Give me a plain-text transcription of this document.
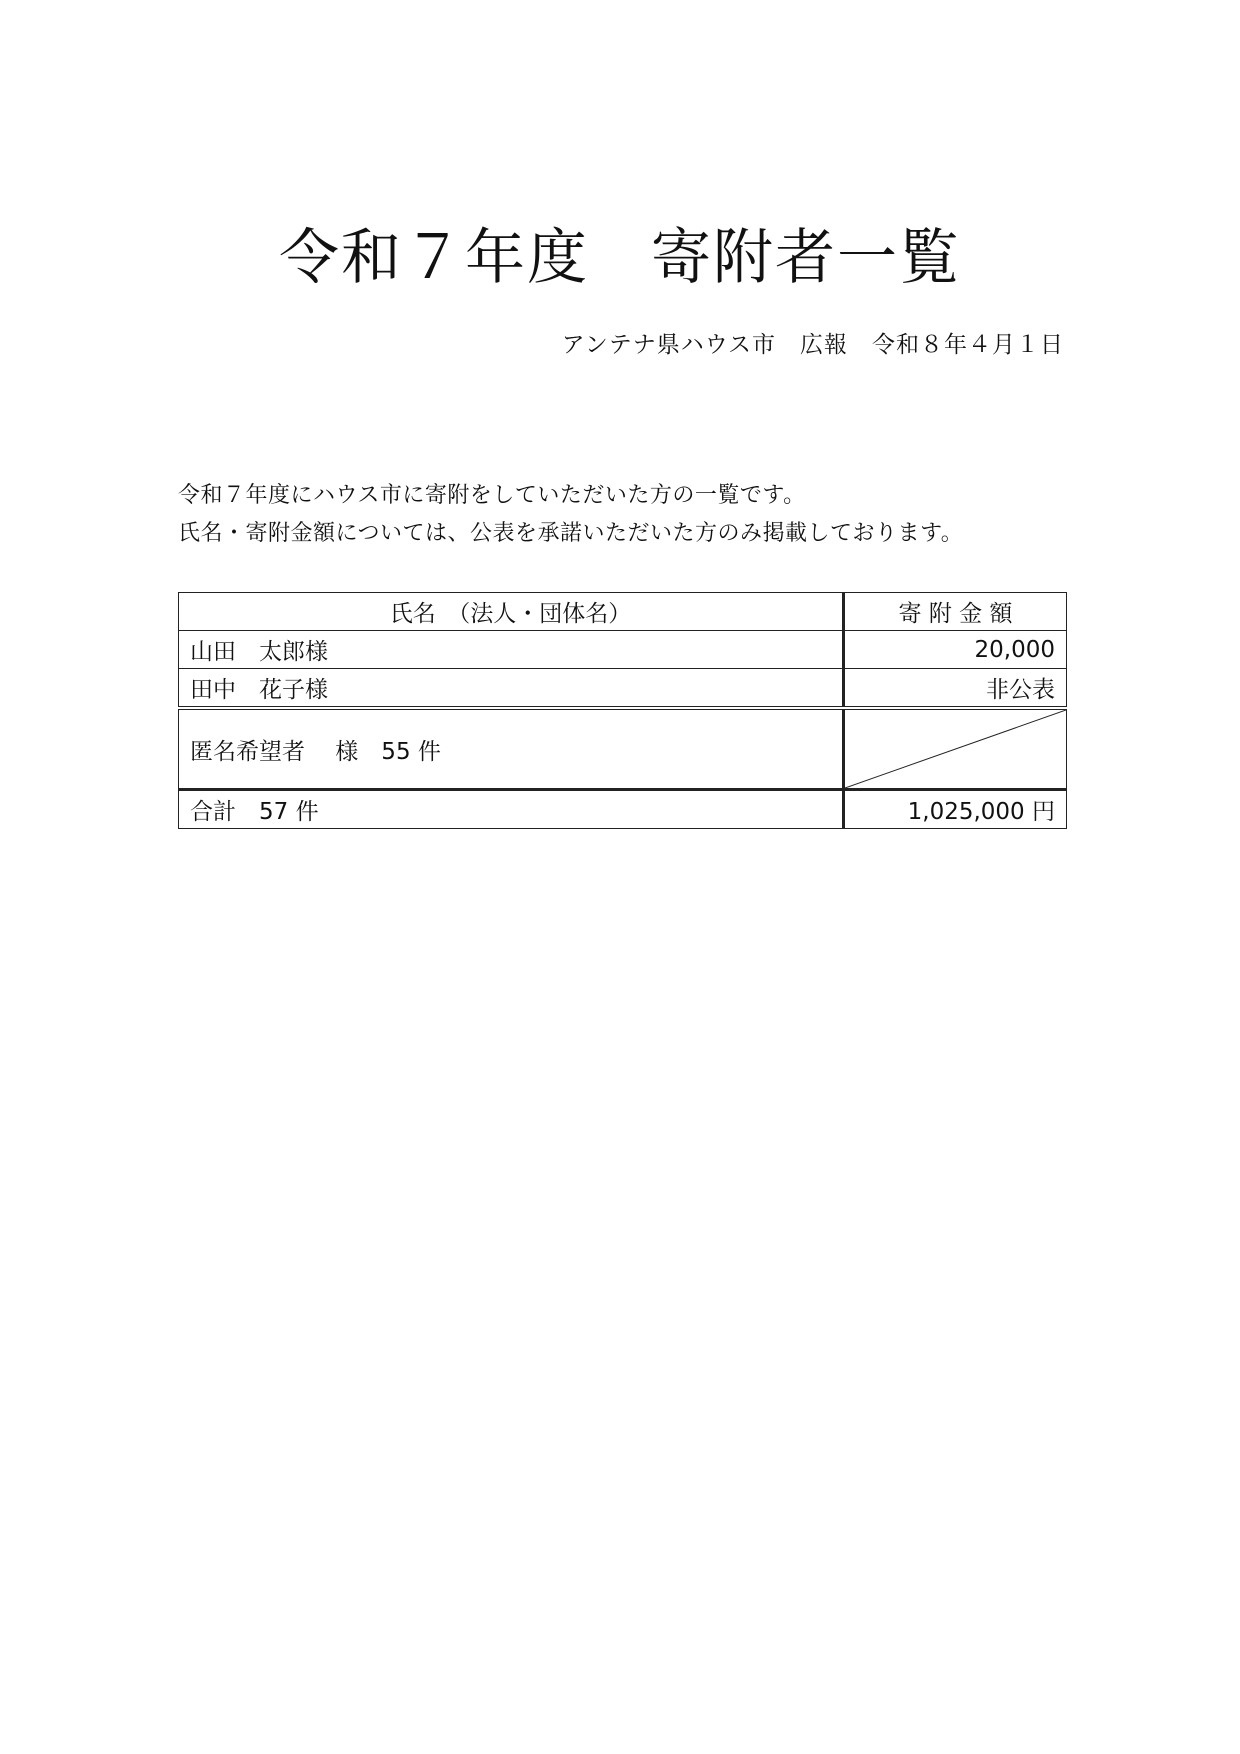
令和７年度　寄附者一覧
アンテナ県ハウス市　広報　令和８年４月１日
令和７年度にハウス市に寄附をしていただいた方の一覧です。
氏名・寄附金額については、公表を承諾いただいた方のみ掲載しております。
氏名　（法人・団体名）	寄 附 金 額
山田　太郎様	20,000
田中　花子様	非公表
匿名希望者　 様　55 件	

合計　57 件	1,025,000 円
